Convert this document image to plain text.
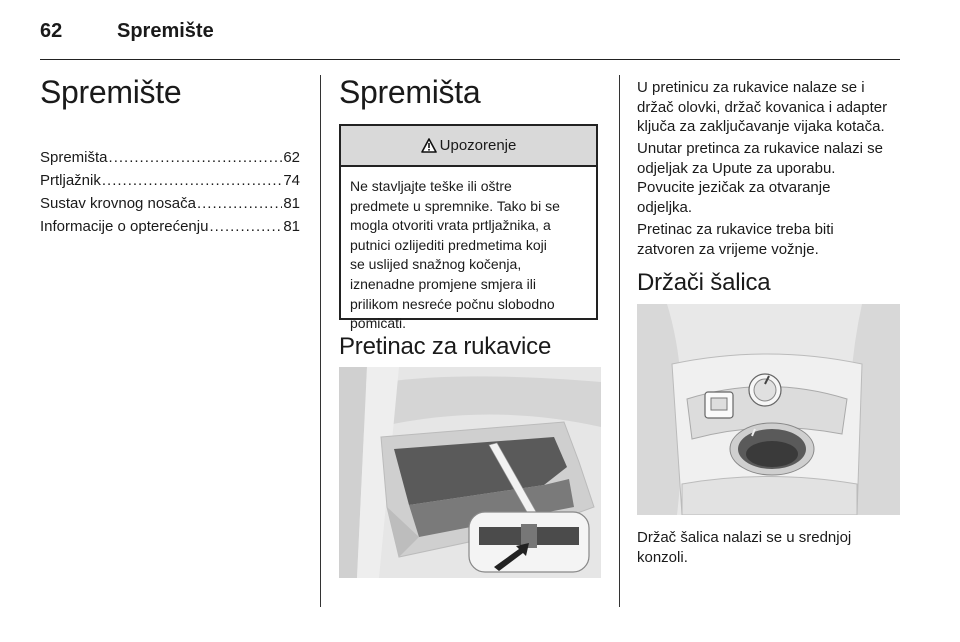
62	Spremište
Spremište
Spremišta .....	62
Prtljažnik .....	74
Sustav krovnog nosača .....	81
Informacije o opterećenju .....	81
Spremišta
Upozorenje
Ne stavljajte teške ili oštre
predmete u spremnike. Tako bi se
mogla otvoriti vrata prtljažnika, a
putnici ozlijediti predmetima koji
se uslijed snažnog kočenja,
iznenadne promjene smjera ili
prilikom nesreće počnu slobodno
pomicati.
Pretinac za rukavice
U pretinicu za rukavice nalaze se i
držač olovki, držač kovanica i adapter
ključa za zaključavanje vijaka kotača.
Unutar pretinca za rukavice nalazi se
odjeljak za Upute za uporabu.
Povucite jezičak za otvaranje
odjeljka.
Pretinac za rukavice treba biti
zatvoren za vrijeme vožnje.
Držači šalica
Držač šalica nalazi se u srednjoj
konzoli.
